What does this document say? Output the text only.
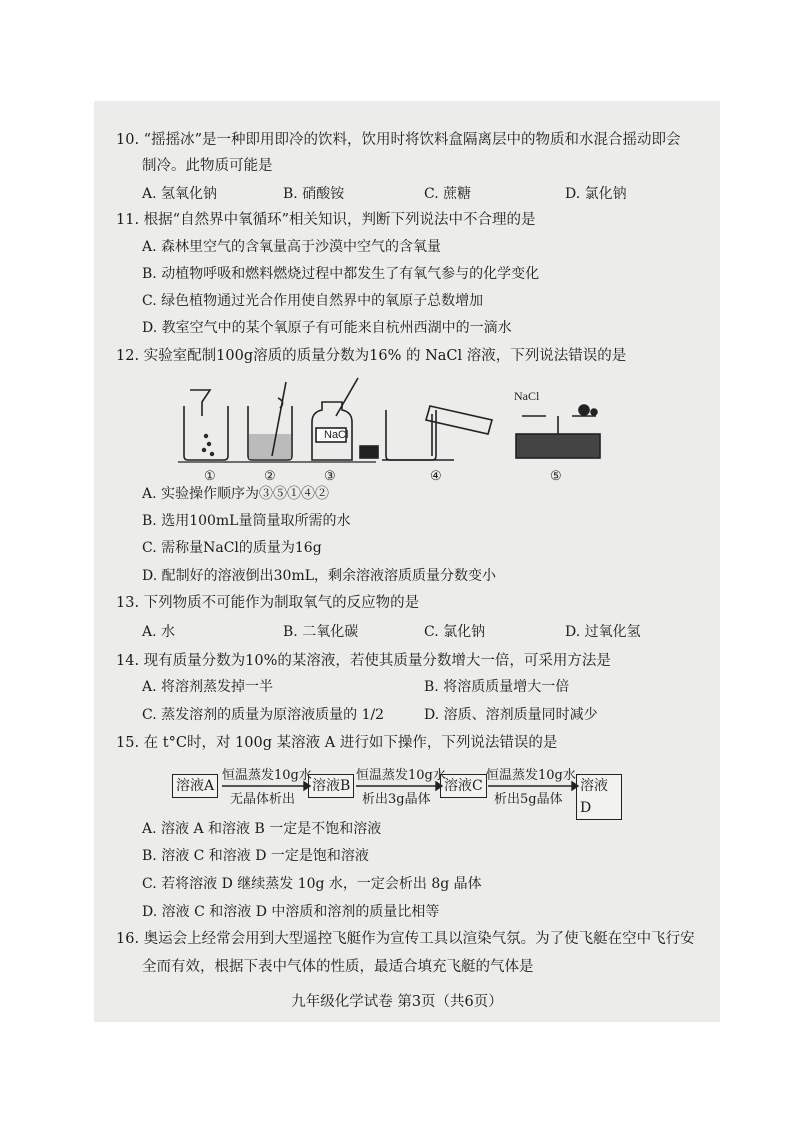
10. “摇摇冰”是一种即用即冷的饮料，饮用时将饮料盒隔离层中的物质和水混合摇动即会
制冷。此物质可能是
A. 氢氧化钠	B. 硝酸铵	C. 蔗糖	D. 氯化钠
11. 根据“自然界中氧循环”相关知识，判断下列说法中不合理的是
A. 森林里空气的含氧量高于沙漠中空气的含氧量
B. 动植物呼吸和燃料燃烧过程中都发生了有氧气参与的化学变化
C. 绿色植物通过光合作用使自然界中的氧原子总数增加
D. 教室空气中的某个氧原子有可能来自杭州西湖中的一滴水
12. 实验室配制100g溶质的质量分数为16% 的 NaCl 溶液，下列说法错误的是
NaCl
NaCl
①	②	③	④	⑤
A. 实验操作顺序为③⑤①④②
B. 选用100mL量筒量取所需的水
C. 需称量NaCl的质量为16g
D. 配制好的溶液倒出30mL，剩余溶液溶质质量分数变小
13. 下列物质不可能作为制取氧气的反应物的是
A. 水	B. 二氧化碳	C. 氯化钠	D. 过氧化氢
14. 现有质量分数为10%的某溶液，若使其质量分数增大一倍，可采用方法是
A. 将溶剂蒸发掉一半	B. 将溶质质量增大一倍
C. 蒸发溶剂的质量为原溶液质量的 1/2	D. 溶质、溶剂质量同时减少
15. 在 t°C时，对 100g 某溶液 A 进行如下操作，下列说法错误的是
溶液A	溶液B	溶液C	溶液D
恒温蒸发10g水
无晶体析出
恒温蒸发10g水
析出3g晶体
恒温蒸发10g水
析出5g晶体
A. 溶液 A 和溶液 B 一定是不饱和溶液
B. 溶液 C 和溶液 D 一定是饱和溶液
C. 若将溶液 D 继续蒸发 10g 水，一定会析出 8g 晶体
D. 溶液 C 和溶液 D 中溶质和溶剂的质量比相等
16. 奥运会上经常会用到大型遥控飞艇作为宣传工具以渲染气氛。为了使飞艇在空中飞行安
全而有效，根据下表中气体的性质，最适合填充飞艇的气体是
九年级化学试卷 第3页（共6页）
